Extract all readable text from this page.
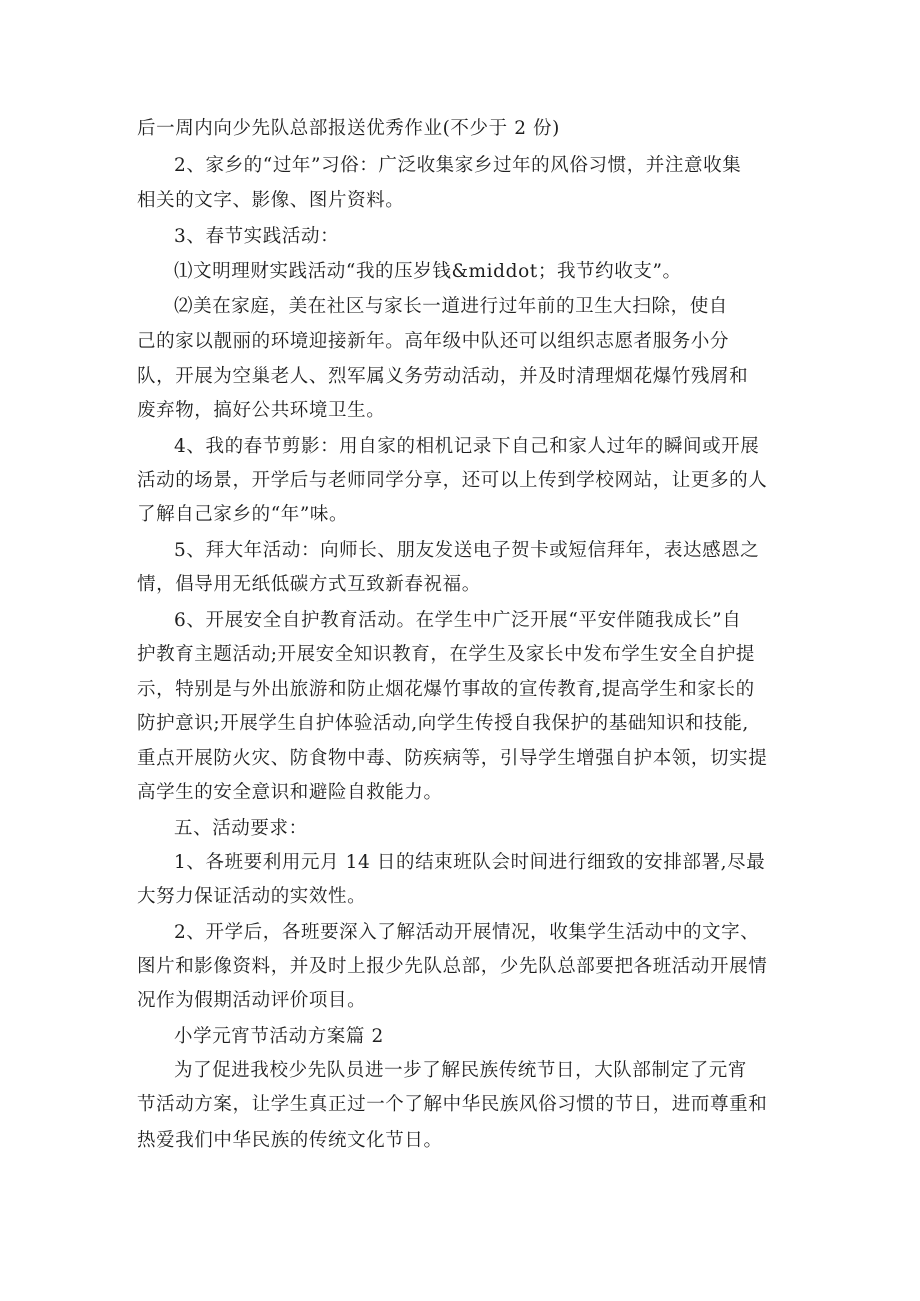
后一周内向少先队总部报送优秀作业(不少于 2 份)
2、家乡的“过年”习俗：广泛收集家乡过年的风俗习惯，并注意收集
相关的文字、影像、图片资料。
3、春节实践活动：
⑴文明理财实践活动“我的压岁钱&middot；我节约收支”。
⑵美在家庭，美在社区与家长一道进行过年前的卫生大扫除，使自
己的家以靓丽的环境迎接新年。高年级中队还可以组织志愿者服务小分
队，开展为空巢老人、烈军属义务劳动活动，并及时清理烟花爆竹残屑和
废弃物，搞好公共环境卫生。
4、我的春节剪影：用自家的相机记录下自己和家人过年的瞬间或开展
活动的场景，开学后与老师同学分享，还可以上传到学校网站，让更多的人
了解自己家乡的“年”味。
5、拜大年活动：向师长、朋友发送电子贺卡或短信拜年，表达感恩之
情，倡导用无纸低碳方式互致新春祝福。
6、开展安全自护教育活动。在学生中广泛开展“平安伴随我成长”自
护教育主题活动;开展安全知识教育，在学生及家长中发布学生安全自护提
示，特别是与外出旅游和防止烟花爆竹事故的宣传教育,提高学生和家长的
防护意识;开展学生自护体验活动,向学生传授自我保护的基础知识和技能,
重点开展防火灾、防食物中毒、防疾病等，引导学生增强自护本领，切实提
高学生的安全意识和避险自救能力。
五、活动要求：
1、各班要利用元月 14 日的结束班队会时间进行细致的安排部署,尽最
大努力保证活动的实效性。
2、开学后，各班要深入了解活动开展情况，收集学生活动中的文字、
图片和影像资料，并及时上报少先队总部，少先队总部要把各班活动开展情
况作为假期活动评价项目。
小学元宵节活动方案篇 2
为了促进我校少先队员进一步了解民族传统节日，大队部制定了元宵
节活动方案，让学生真正过一个了解中华民族风俗习惯的节日，进而尊重和
热爱我们中华民族的传统文化节日。
